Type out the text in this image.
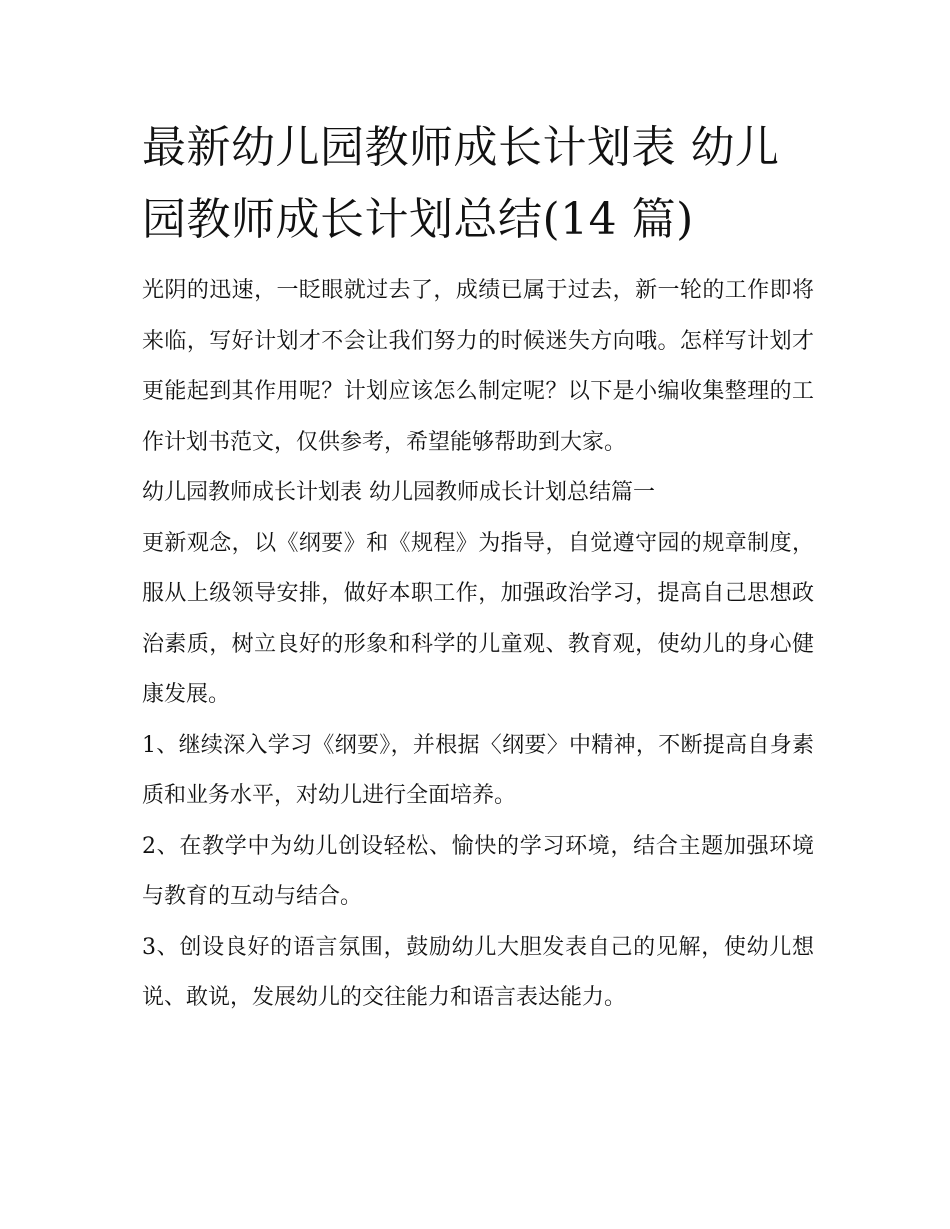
最新幼儿园教师成长计划表 幼儿园教师成长计划总结(14 篇)

光阴的迅速，一眨眼就过去了，成绩已属于过去，新一轮的工作即将来临，写好计划才不会让我们努力的时候迷失方向哦。怎样写计划才更能起到其作用呢？计划应该怎么制定呢？以下是小编收集整理的工作计划书范文，仅供参考，希望能够帮助到大家。

幼儿园教师成长计划表 幼儿园教师成长计划总结篇一

更新观念，以《纲要》和《规程》为指导，自觉遵守园的规章制度，服从上级领导安排，做好本职工作，加强政治学习，提高自己思想政治素质，树立良好的形象和科学的儿童观、教育观，使幼儿的身心健康发展。

1、继续深入学习《纲要》，并根据〈纲要〉中精神，不断提高自身素质和业务水平，对幼儿进行全面培养。

2、在教学中为幼儿创设轻松、愉快的学习环境，结合主题加强环境与教育的互动与结合。

3、创设良好的语言氛围，鼓励幼儿大胆发表自己的见解，使幼儿想说、敢说，发展幼儿的交往能力和语言表达能力。
